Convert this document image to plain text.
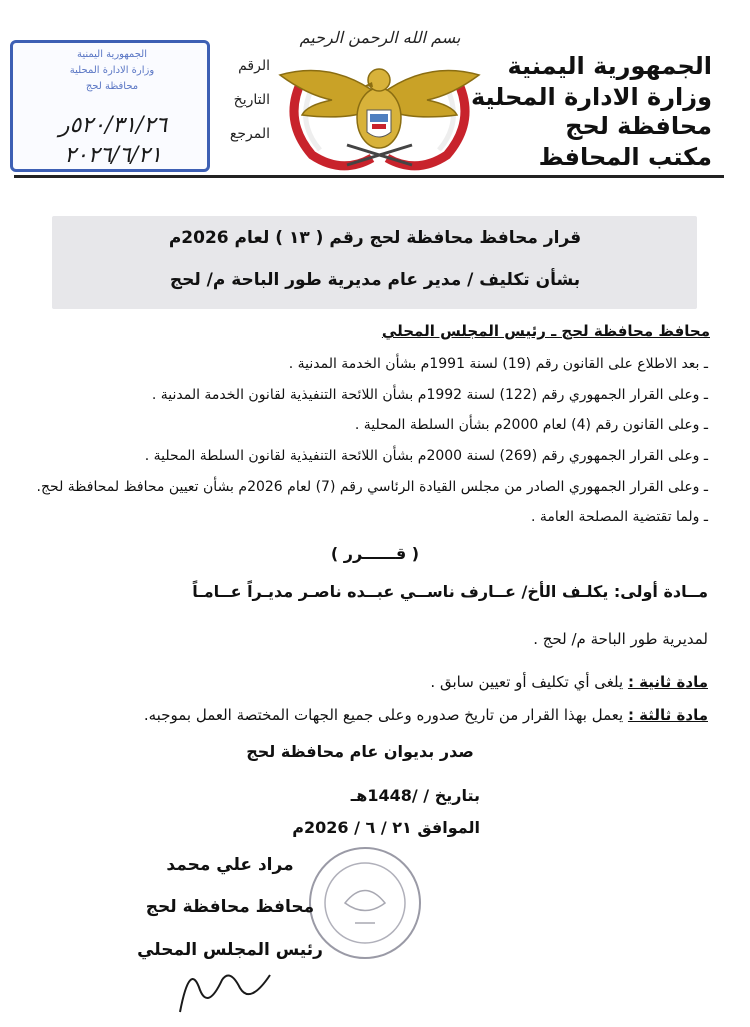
بسم الله الرحمن الرحيم
الجمهورية اليمنية
وزارة الادارة المحلية
محافظة لحج
مكتب المحافظ
الرقم
التاريخ
المرجع
الجمهورية اليمنية
وزارة الادارة المحلية
محافظة لحج
٥٢٠/٣١/٢٦ر
٢٠٢٦/٦/٢١
قرار محافظ محافظة لحج رقم ( ١٣ ) لعام 2026م
بشأن تكليف / مدير عام مديرية طور الباحة م/ لحج
محافظ محافظة لحج ـ رئيس المجلس المحلي
ـ بعد الاطلاع على القانون رقم (19) لسنة 1991م بشأن الخدمة المدنية .
ـ وعلى القرار الجمهوري رقم (122) لسنة 1992م بشأن اللائحة التنفيذية لقانون الخدمة المدنية .
ـ وعلى القانون رقم (4) لعام 2000م بشأن السلطة المحلية .
ـ وعلى القرار الجمهوري رقم (269) لسنة 2000م بشأن اللائحة التنفيذية لقانون السلطة المحلية .
ـ وعلى القرار الجمهوري الصادر من مجلس القيادة الرئاسي رقم (7) لعام 2026م بشأن تعيين محافظ لمحافظة لحج.
ـ ولما تقتضية المصلحة العامة .
( قــــــرر )
مــادة أولى: يكلـف الأخ/ عــارف ناســي عبــده ناصـر مديـراً عــامـاً
لمديرية طور الباحة م/ لحج .
مادة ثانية : يلغى أي تكليف أو تعيين سابق .
مادة ثالثة : يعمل بهذا القرار من تاريخ صدوره وعلى جميع الجهات المختصة العمل بموجبه.
صدر بديوان عام محافظة لحج
بتاريخ / /1448هـ
الموافق ٢١ / ٦ / 2026م
مراد علي محمد
محافظ محافظة لحج
رئيس المجلس المحلي
